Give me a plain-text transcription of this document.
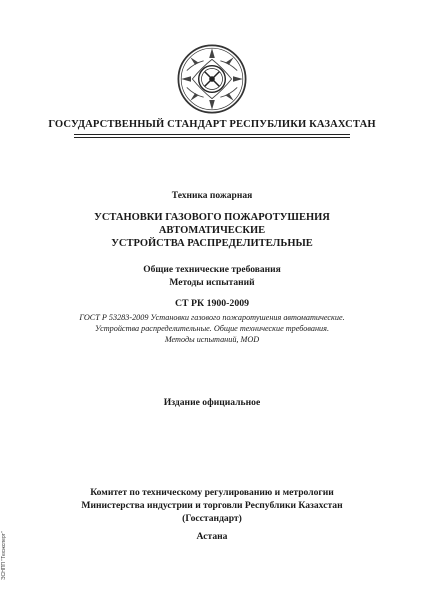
ГОСУДАРСТВЕННЫЙ СТАНДАРТ РЕСПУБЛИКИ КАЗАХСТАН
Техника пожарная
УСТАНОВКИ ГАЗОВОГО ПОЖАРОТУШЕНИЯ
АВТОМАТИЧЕСКИЕ
УСТРОЙСТВА РАСПРЕДЕЛИТЕЛЬНЫЕ
Общие технические требования
Методы испытаний
СТ РК 1900-2009
ГОСТ Р 53283-2009 Установки газового пожаротушения автоматические.
Устройства распределительные. Общие технические требования.
Методы испытаний, MOD
Издание официальное
Комитет по техническому регулированию и метрологии
Министерства индустрии и торговли Республики Казахстан
(Госстандарт)
Астана
ЭСНПП "Техэксперт"
